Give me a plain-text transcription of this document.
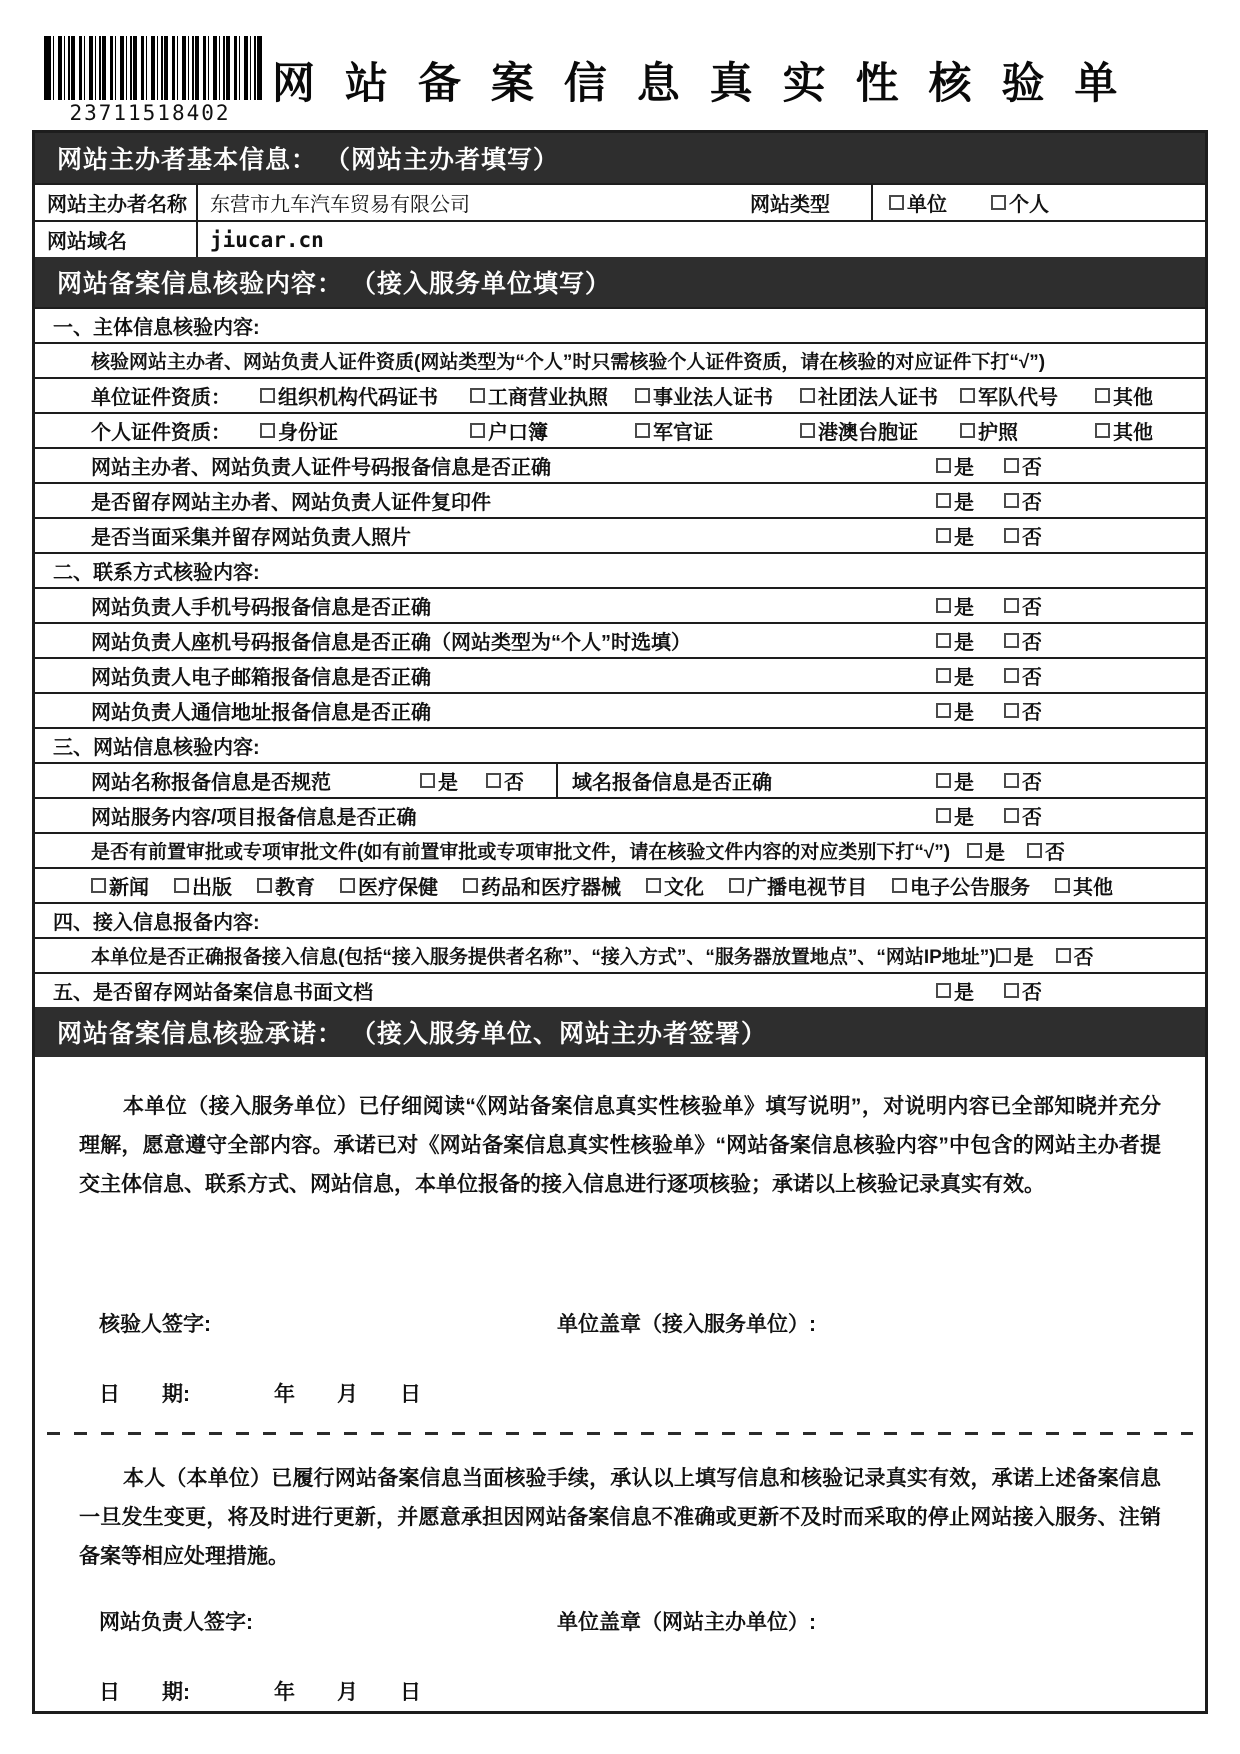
23711518402
网 站 备 案 信 息 真 实 性 核 验 单
网站主办者基本信息： （网站主办者填写）
网站主办者名称	东营市九车汽车贸易有限公司	网站类型	单位	个人
网站域名	jiucar.cn
网站备案信息核验内容： （接入服务单位填写）
一、主体信息核验内容:
核验网站主办者、网站负责人证件资质(网站类型为“个人”时只需核验个人证件资质，请在核验的对应证件下打“√”)
单位证件资质：	组织机构代码证书	工商营业执照 事业法人证书 社团法人证书 军队代号	其他
个人证件资质：	身份证	户口簿	军官证	港澳台胞证	护照	其他
网站主办者、网站负责人证件号码报备信息是否正确	是 否
是否留存网站主办者、网站负责人证件复印件	是 否
是否当面采集并留存网站负责人照片	是 否
二、联系方式核验内容:
网站负责人手机号码报备信息是否正确	是 否
网站负责人座机号码报备信息是否正确（网站类型为“个人”时选填）	是 否
网站负责人电子邮箱报备信息是否正确	是 否
网站负责人通信地址报备信息是否正确	是 否
三、网站信息核验内容:
网站名称报备信息是否规范	是 否 域名报备信息是否正确	是 否
网站服务内容/项目报备信息是否正确	是 否
是否有前置审批或专项审批文件(如有前置审批或专项审批文件，请在核验文件内容的对应类别下打“√”) 是 否
新闻 出版 教育 医疗保健 药品和医疗器械 文化 广播电视节目 电子公告服务 其他
四、接入信息报备内容:
本单位是否正确报备接入信息(包括“接入服务提供者名称”、“接入方式”、“服务器放置地点”、“网站IP地址”) 是 否
五、是否留存网站备案信息书面文档	是 否
网站备案信息核验承诺： （接入服务单位、网站主办者签署）
本单位（接入服务单位）已仔细阅读“《网站备案信息真实性核验单》填写说明”，对说明内容已全部知晓并充分理解，愿意遵守全部内容。承诺已对《网站备案信息真实性核验单》“网站备案信息核验内容”中包含的网站主办者提交主体信息、联系方式、网站信息，本单位报备的接入信息进行逐项核验；承诺以上核验记录真实有效。
核验人签字:	单位盖章（接入服务单位）:
日　　期:　　　　年　　月　　日
本人（本单位）已履行网站备案信息当面核验手续，承认以上填写信息和核验记录真实有效，承诺上述备案信息一旦发生变更，将及时进行更新，并愿意承担因网站备案信息不准确或更新不及时而采取的停止网站接入服务、注销备案等相应处理措施。
网站负责人签字:	单位盖章（网站主办单位）:
日　　期:　　　　年　　月　　日
